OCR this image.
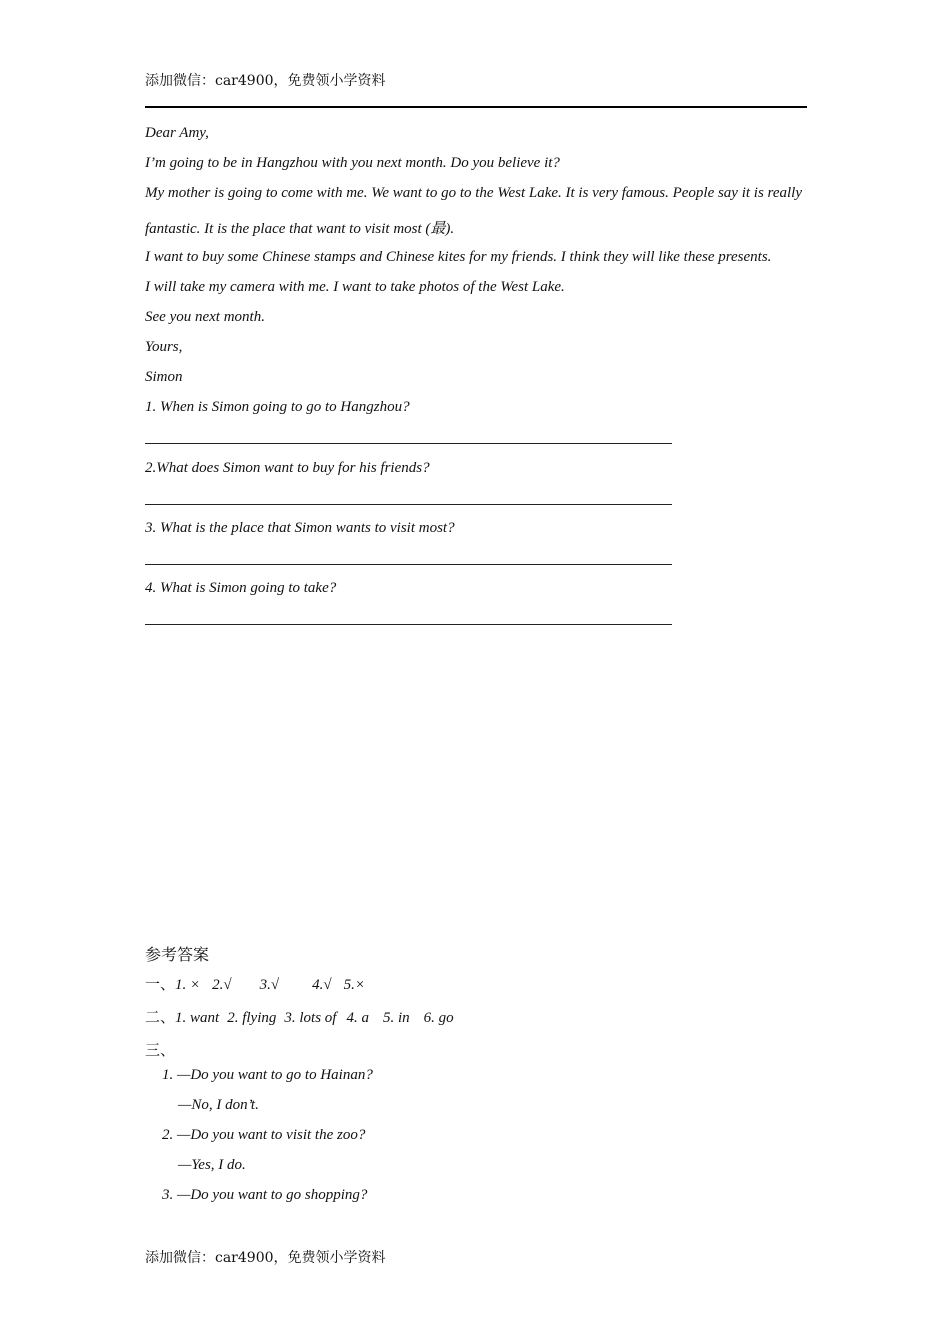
添加微信：car4900，免费领小学资料
Dear Amy,
I’m going to be in Hangzhou with you next month. Do you believe it?
My mother is going to come with me. We want to go to the West Lake. It is very famous. People say it is really
fantastic. It is the place that want to visit most (最).
I want to buy some Chinese stamps and Chinese kites for my friends. I think they will like these presents.
I will take my camera with me. I want to take photos of the West Lake.
See you next month.
Yours,
Simon
1. When is Simon going to go to Hangzhou?
2.What does Simon want to buy for his friends?
3. What is the place that Simon wants to visit most?
4. What is Simon going to take?
参考答案
一、1. × 2.√ 3.√ 4.√ 5.×
二、1. want 2. flying 3. lots of 4. a 5. in 6. go
三、
1. —Do you want to go to Hainan?
—No, I don’t.
2. —Do you want to visit the zoo?
—Yes, I do.
3. —Do you want to go shopping?
添加微信：car4900，免费领小学资料
